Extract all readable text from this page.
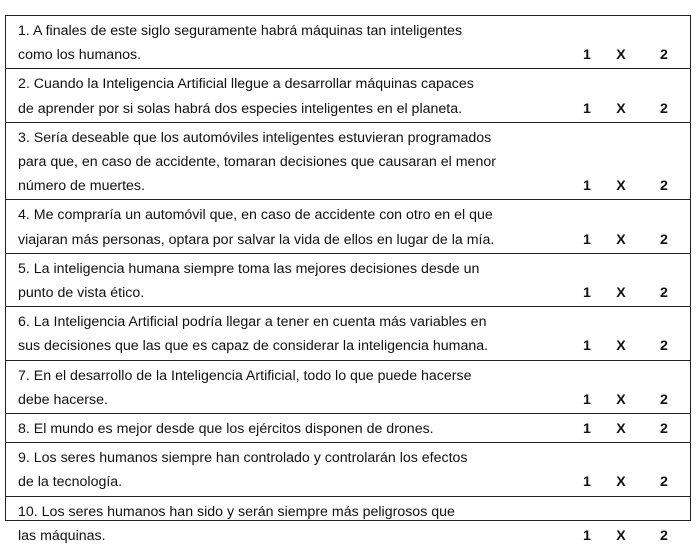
1. A finales de este siglo seguramente habrá máquinas tan inteligentes
como los humanos.	1	X	2

2. Cuando la Inteligencia Artificial llegue a desarrollar máquinas capaces
de aprender por si solas habrá dos especies inteligentes en el planeta.	1	X	2

3. Sería deseable que los automóviles inteligentes estuvieran programados
para que, en caso de accidente, tomaran decisiones que causaran el menor
número de muertes.	1	X	2

4. Me compraría un automóvil que, en caso de accidente con otro en el que
viajaran más personas, optara por salvar la vida de ellos en lugar de la mía.	1	X	2

5. La inteligencia humana siempre toma las mejores decisiones desde un
punto de vista ético.	1	X	2

6. La Inteligencia Artificial podría llegar a tener en cuenta más variables en
sus decisiones que las que es capaz de considerar la inteligencia humana.	1	X	2

7. En el desarrollo de la Inteligencia Artificial, todo lo que puede hacerse
debe hacerse.	1	X	2

8. El mundo es mejor desde que los ejércitos disponen de drones.	1	X	2

9. Los seres humanos siempre han controlado y controlarán los efectos
de la tecnología.	1	X	2

10. Los seres humanos han sido y serán siempre más peligrosos que
las máquinas.	1	X	2
